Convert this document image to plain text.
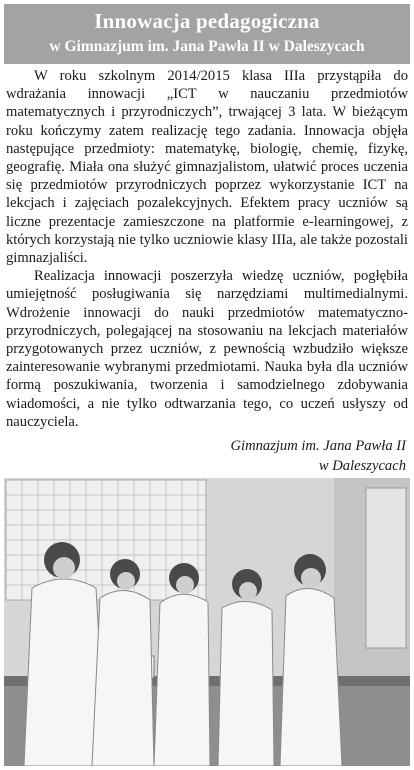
Innowacja pedagogiczna
w Gimnazjum im. Jana Pawła II w Daleszycach

W roku szkolnym 2014/2015 klasa IIIa przystąpiła do wdrażania innowacji „ICT w nauczaniu przedmiotów matematycznych i przyrodniczych”, trwającej 3 lata. W bieżącym roku kończymy zatem realizację tego zadania. Innowacja objęła następujące przedmioty: matematykę, biologię, chemię, fizykę, geografię. Miała ona służyć gimnazjalistom, ułatwić proces uczenia się przedmiotów przyrodniczych poprzez wykorzystanie ICT na lekcjach i zajęciach pozalekcyjnych. Efektem pracy uczniów są liczne prezentacje zamieszczone na platformie e-learningowej, z których korzystają nie tylko uczniowie klasy IIIa, ale także pozostali gimnazjaliści.

Realizacja innowacji poszerzyła wiedzę uczniów, pogłębiła umiejętność posługiwania się narzędziami multimedialnymi. Wdrożenie innowacji do nauki przedmiotów matematyczno-przyrodniczych, polegającej na stosowaniu na lekcjach materiałów przygotowanych przez uczniów, z pewnością wzbudziło większe zainteresowanie wybranymi przedmiotami. Nauka była dla uczniów formą poszukiwania, tworzenia i samodzielnego zdobywania wiadomości, a nie tylko odtwarzania tego, co uczeń usłyszy od nauczyciela.

Gimnazjum im. Jana Pawła II
w Daleszycach
